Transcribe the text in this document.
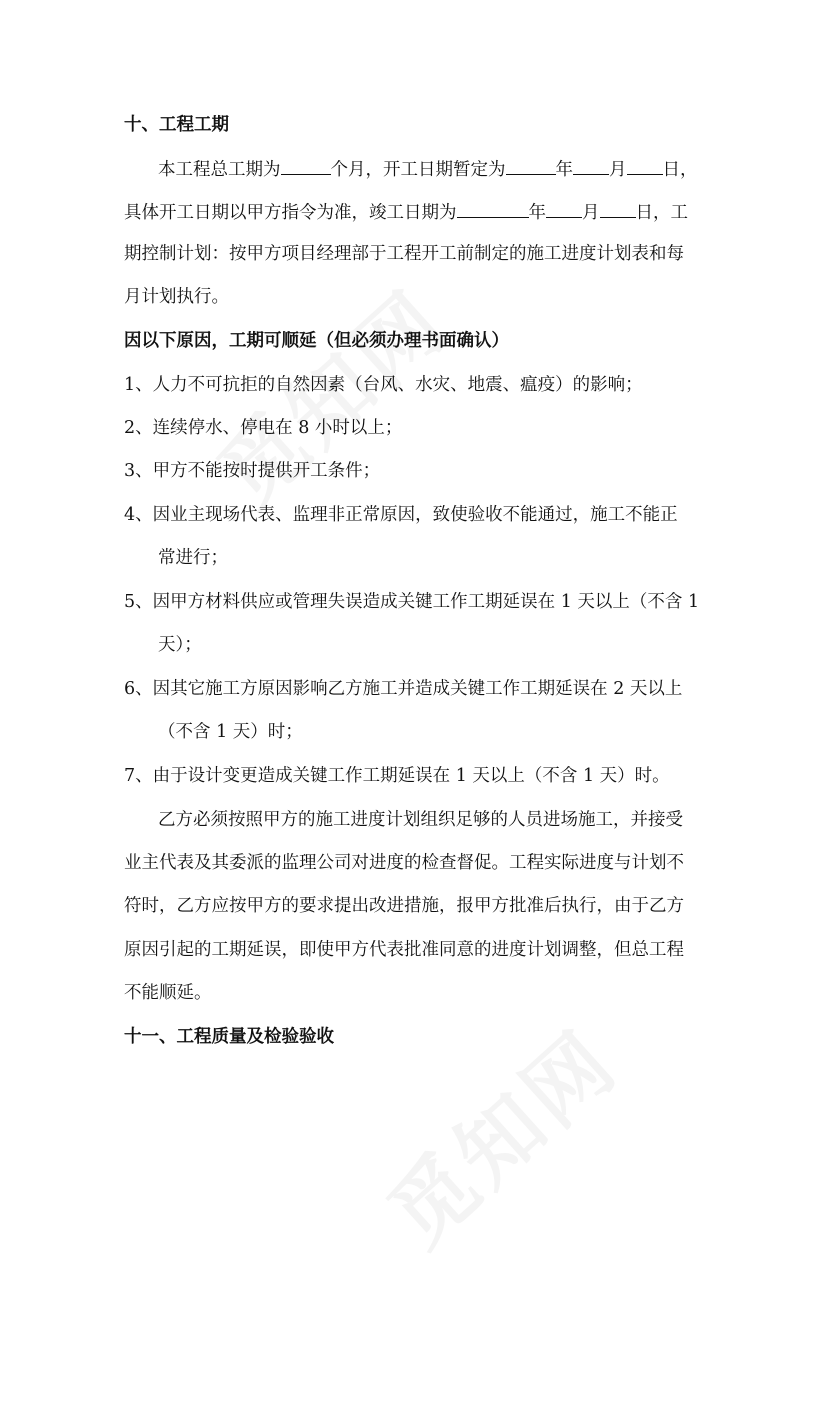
十、工程工期
本工程总工期为	个月，开工日期暂定为	年 月 日，
具体开工日期以甲方指令为准，竣工日期为	年 月 日，工
期控制计划：按甲方项目经理部于工程开工前制定的施工进度计划表和每
月计划执行。
因以下原因，工期可顺延（但必须办理书面确认）
1、人力不可抗拒的自然因素（台风、水灾、地震、瘟疫）的影响；
2、连续停水、停电在 8 小时以上；
3、甲方不能按时提供开工条件；
4、因业主现场代表、监理非正常原因，致使验收不能通过，施工不能正
常进行；
5、因甲方材料供应或管理失误造成关键工作工期延误在 1 天以上（不含 1
天）；
6、因其它施工方原因影响乙方施工并造成关键工作工期延误在 2 天以上
（不含 1 天）时；
7、由于设计变更造成关键工作工期延误在 1 天以上（不含 1 天）时。
乙方必须按照甲方的施工进度计划组织足够的人员进场施工，并接受
业主代表及其委派的监理公司对进度的检查督促。工程实际进度与计划不
符时，乙方应按甲方的要求提出改进措施，报甲方批准后执行，由于乙方
原因引起的工期延误，即使甲方代表批准同意的进度计划调整，但总工程
不能顺延。
十一、工程质量及检验验收
